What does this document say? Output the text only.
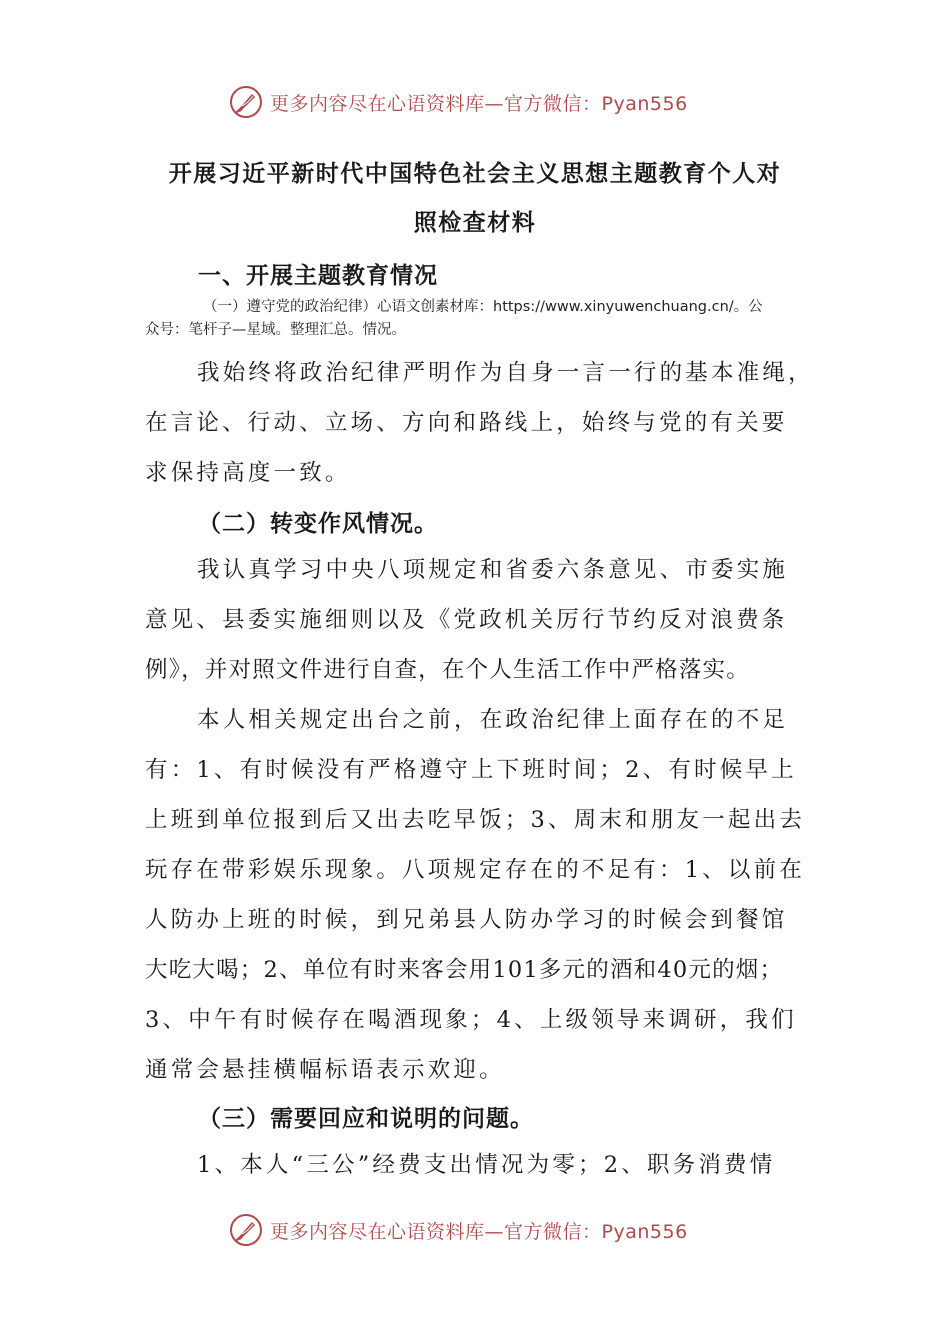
更多内容尽在心语资料库—官方微信：Pyan556
开展习近平新时代中国特色社会主义思想主题教育个人对
照检查材料
一、开展主题教育情况
（一）遵守党的政治纪律）心语文创素材库：https://www.xinyuwenchuang.cn/。公
众号：笔杆子—星域。整理汇总。情况。
我始终将政治纪律严明作为自身一言一行的基本准绳，
在言论、行动、立场、方向和路线上，始终与党的有关要
求保持高度一致。
（二）转变作风情况。
我认真学习中央八项规定和省委六条意见、市委实施
意见、县委实施细则以及《党政机关厉行节约反对浪费条
例》，并对照文件进行自查，在个人生活工作中严格落实。
本人相关规定出台之前，在政治纪律上面存在的不足
有：1、有时候没有严格遵守上下班时间；2、有时候早上
上班到单位报到后又出去吃早饭；3、周末和朋友一起出去
玩存在带彩娱乐现象。八项规定存在的不足有：1、以前在
人防办上班的时候，到兄弟县人防办学习的时候会到餐馆
大吃大喝；2、单位有时来客会用101多元的酒和40元的烟；
3、中午有时候存在喝酒现象；4、上级领导来调研，我们
通常会悬挂横幅标语表示欢迎。
（三）需要回应和说明的问题。
1、本人“三公”经费支出情况为零；2、职务消费情
更多内容尽在心语资料库—官方微信：Pyan556
